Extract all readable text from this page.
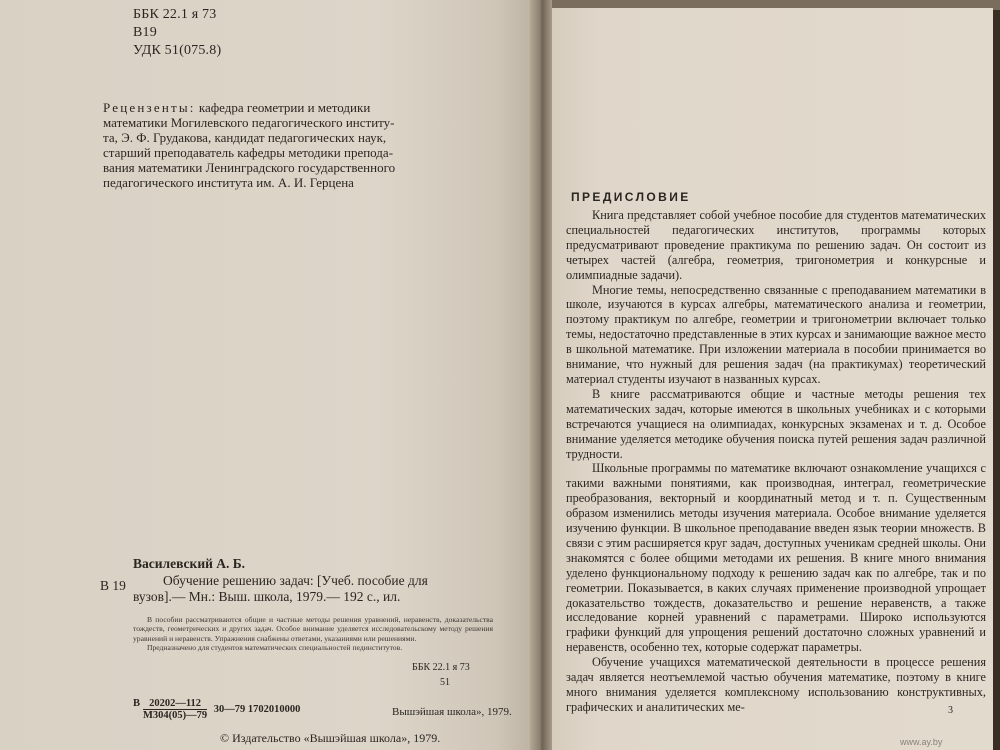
ББК 22.1 я 73
В19
УДК 51(075.8)

Рецензенты: кафедра геометрии и методики

математики Могилевского педагогического институ-

та, Э. Ф. Грудакова, кандидат педагогических наук,

старший преподаватель кафедры методики препода-

вания математики Ленинградского государственного

педагогического института им. А. И. Герцена

Василевский А. Б.
В 19	Обучение решению задач: [Учеб. пособие для
вузов].— Мн.: Выш. школа, 1979.— 192 с., ил.

В пособии рассматриваются общие и частные методы решения уравнений, неравенств, доказательства тождеств, геометрических и других задач. Особое внимание уделяется исследовательскому методу решения уравнений и неравенств. Упражнения снабжены ответами, указаниями или решениями.

Предназначено для студентов математических специальностей пединститутов.

ББК 22.1 я 73
51
В $\frac{20202—112}{М304(05)—79}$ 30—79 1702010000	Вышэйшая школа», 1979.
© Издательство «Вышэйшая школа», 1979.
ПРЕДИСЛОВИЕ

Книга представляет собой учебное пособие для студентов математических специальностей педагогических институтов, программы которых предусматривают проведение практикума по решению задач. Он состоит из четырех частей (алгебра, геометрия, тригонометрия и конкурсные и олимпиадные задачи).

Многие темы, непосредственно связанные с преподаванием математики в школе, изучаются в курсах алгебры, математического анализа и геометрии, поэтому практикум по алгебре, геометрии и тригонометрии включает только темы, недостаточно представленные в этих курсах и занимающие важное место в школьной математике. При изложении материала в пособии принимается во внимание, что нужный для решения задач (на практикумах) теоретический материал студенты изучают в названных курсах.

В книге рассматриваются общие и частные методы решения тех математических задач, которые имеются в школьных учебниках и с которыми встречаются учащиеся на олимпиадах, конкурсных экзаменах и т. д. Особое внимание уделяется методике обучения поиска путей решения задач различной трудности.

Школьные программы по математике включают ознакомление учащихся с такими важными понятиями, как производная, интеграл, геометрические преобразования, векторный и координатный метод и т. п. Существенным образом изменились методы изучения материала. Особое внимание уделяется изучению функции. В школьное преподавание введен язык теории множеств. В связи с этим расширяется круг задач, доступных ученикам средней школы. Они знакомятся с более общими методами их решения. В книге много внимания уделено функциональному подходу к решению задач как по алгебре, так и по геометрии. Показывается, в каких случаях применение производной упрощает доказательство тождеств, доказательство и решение неравенств, а также исследование корней уравнений с параметрами. Широко используются графики функций для упрощения решений достаточно сложных уравнений и неравенств, особенно тех, которые содержат параметры.

Обучение учащихся математической деятельности в процессе решения задач является неотъемлемой частью обучения математике, поэтому в книге много внимания уделяется комплексному использованию конструктивных, графических и аналитических ме-	3
www.ay.by
